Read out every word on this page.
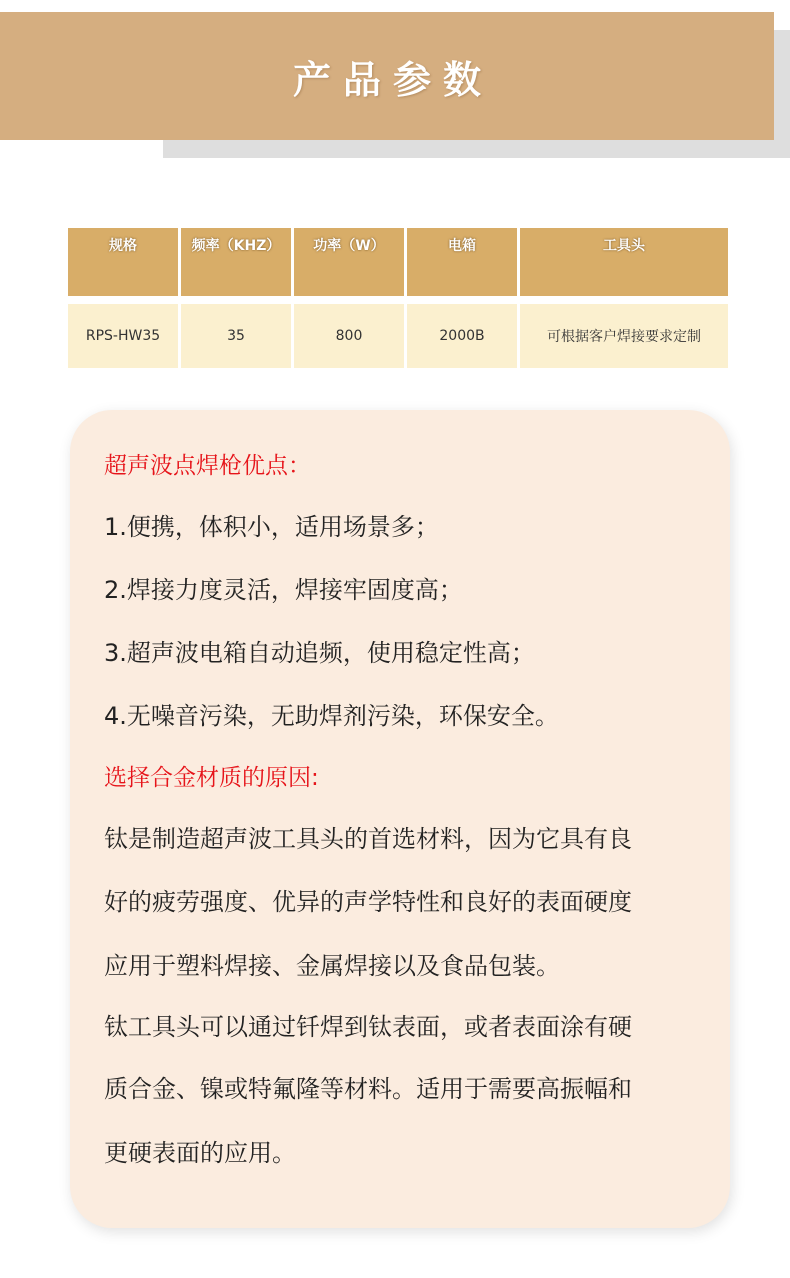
产品参数
规格	频率（KHZ）	功率（W）	电箱	工具头

RPS-HW35	35	800	2000B	可根据客户焊接要求定制
超声波点焊枪优点：
1.便携，体积小，适用场景多；
2.焊接力度灵活，焊接牢固度高；
3.超声波电箱自动追频，使用稳定性高；
4.无噪音污染，无助焊剂污染，环保安全。
选择合金材质的原因:
钛是制造超声波工具头的首选材料，因为它具有良
好的疲劳强度、优异的声学特性和良好的表面硬度
应用于塑料焊接、金属焊接以及食品包装。
钛工具头可以通过钎焊到钛表面，或者表面涂有硬
质合金、镍或特氟隆等材料。适用于需要高振幅和
更硬表面的应用。
